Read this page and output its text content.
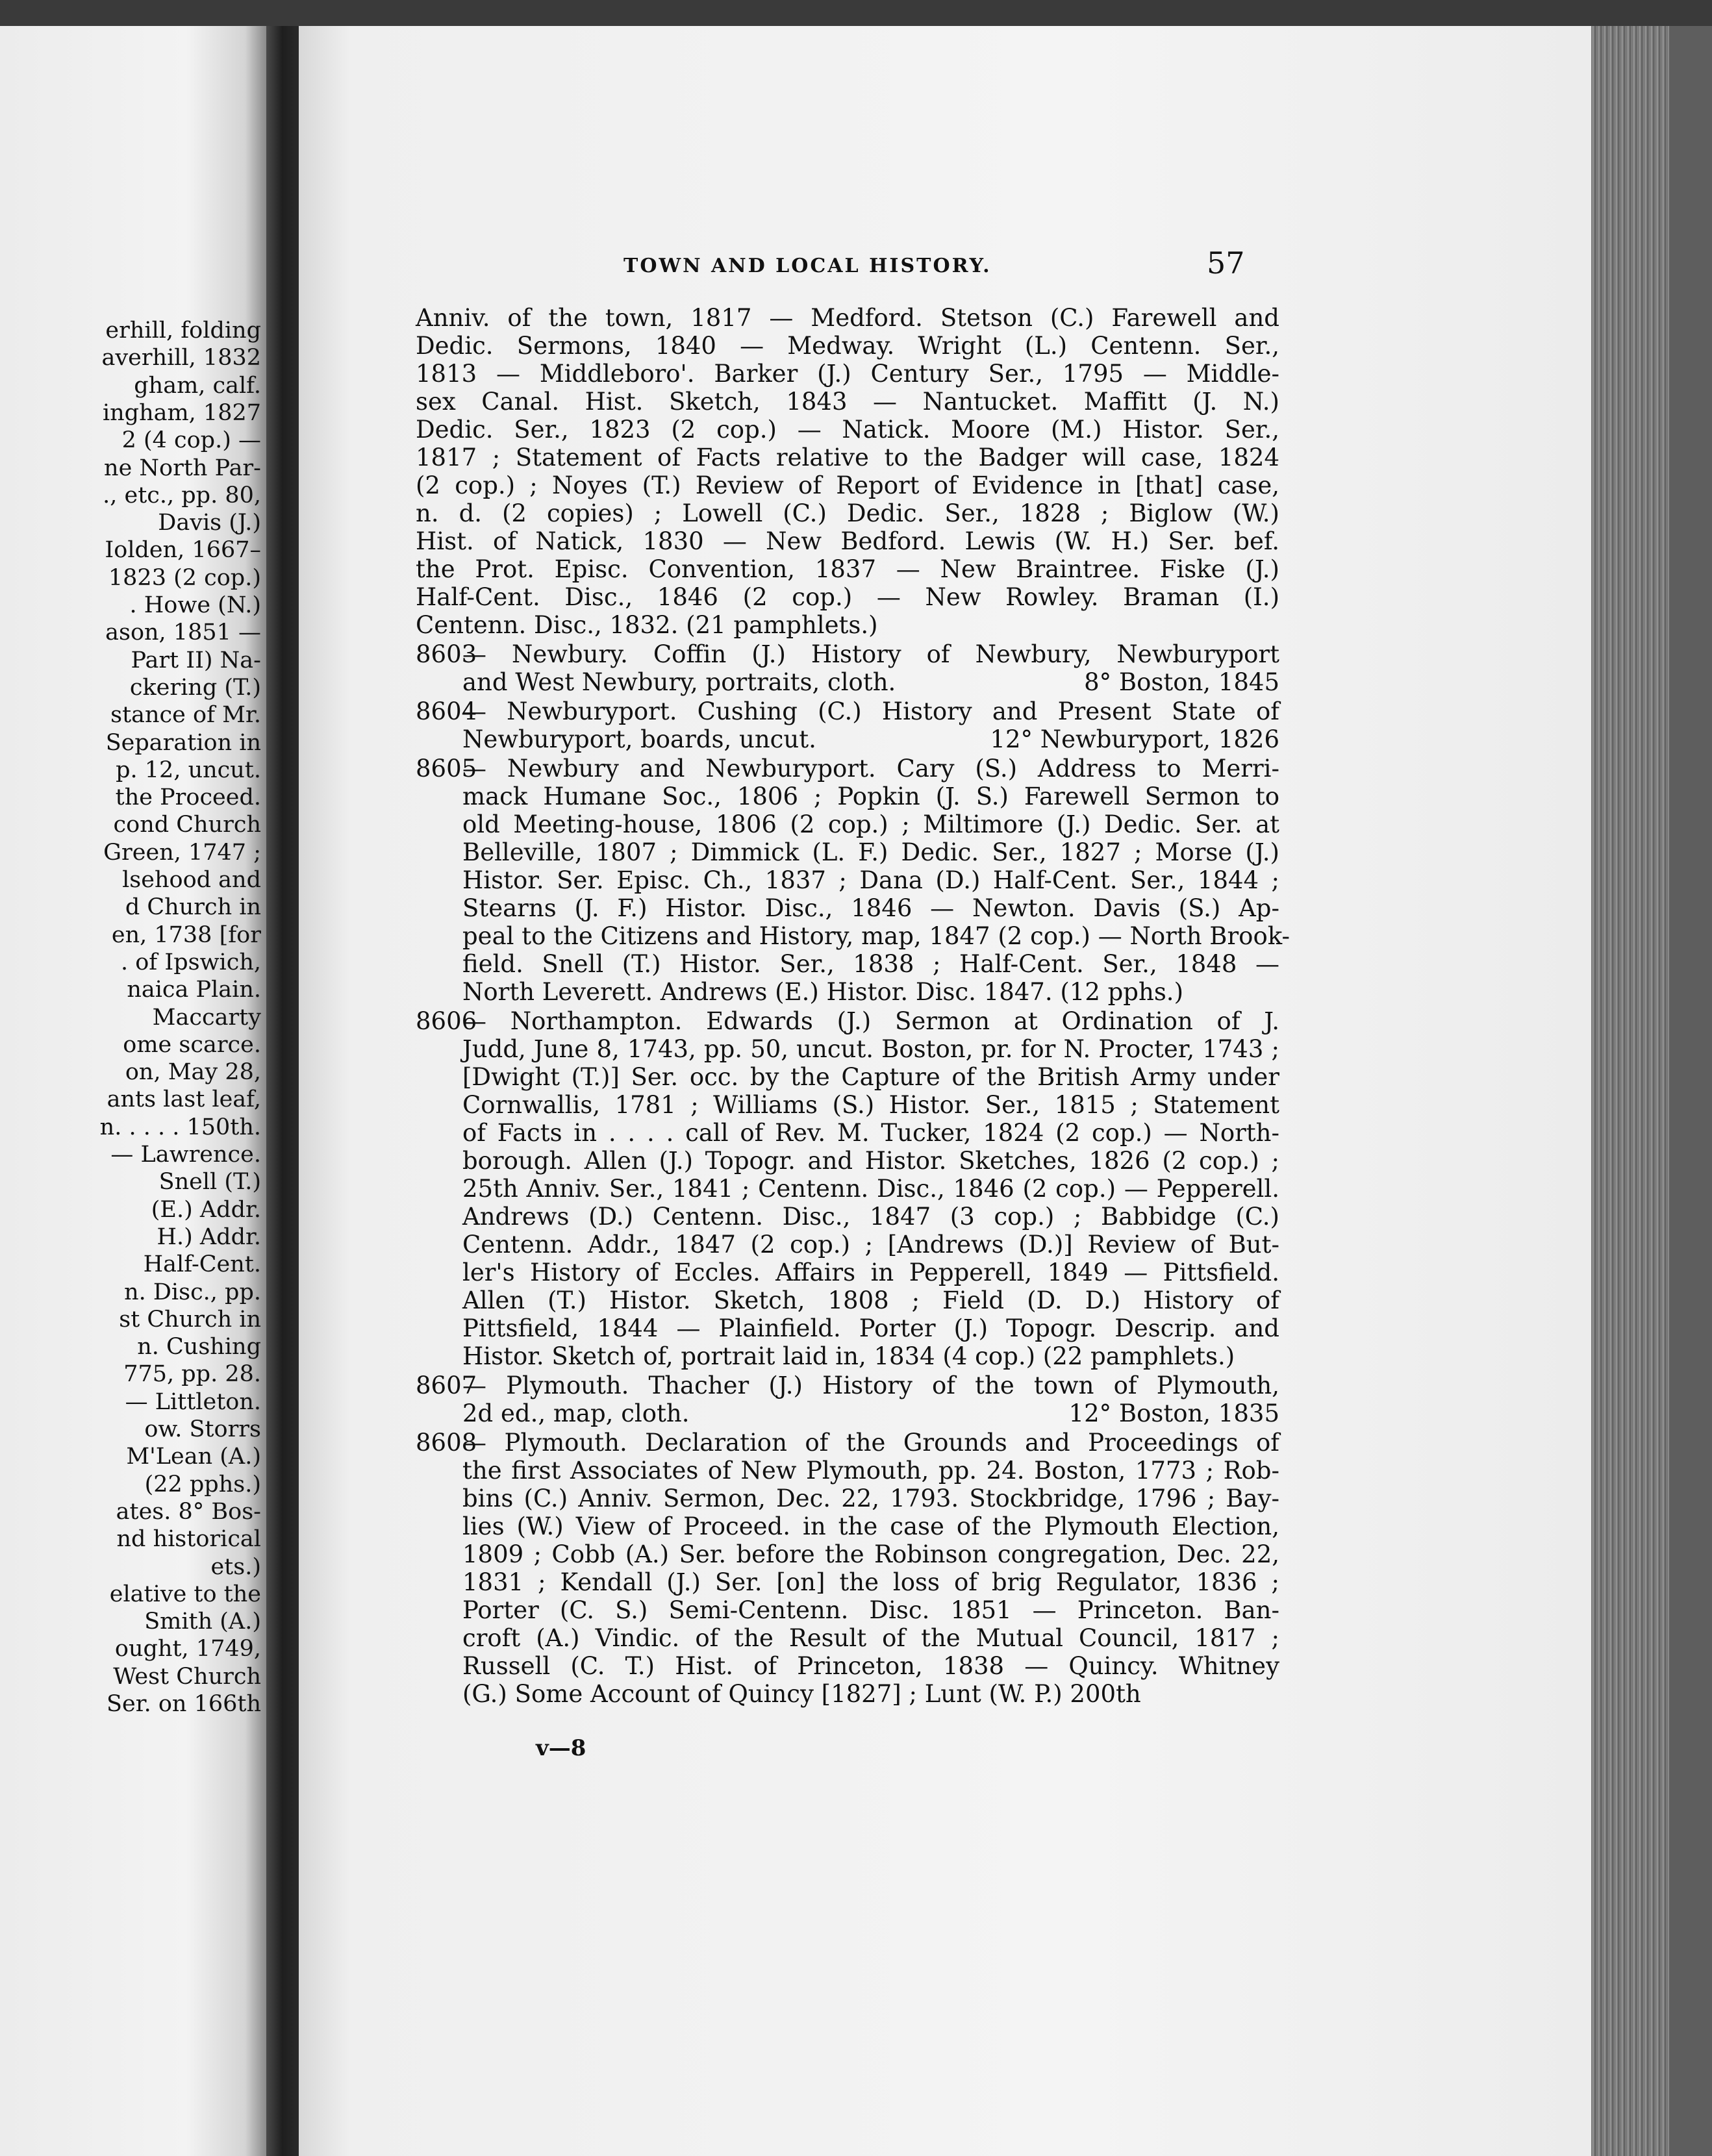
erhill, folding
averhill, 1832
gham, calf.
ingham, 1827
2 (4 cop.) —
ne North Par-
., etc., pp. 80,
Davis (J.)
Iolden, 1667–
1823 (2 cop.)
. Howe (N.)
ason, 1851 —
Part II) Na-
ckering (T.)
stance of Mr.
Separation in
p. 12, uncut.
the Proceed.
cond Church
Green, 1747 ;
lsehood and
d Church in
en, 1738 [for
. of Ipswich,
naica Plain.
Maccarty
ome scarce.
on, May 28,
ants last leaf,
n. . . . . 150th.
— Lawrence.
Snell (T.)
(E.) Addr.
H.) Addr.
Half-Cent.
n. Disc., pp.
st Church in
n. Cushing
775, pp. 28.
— Littleton.
ow. Storrs
M'Lean (A.)
(22 pphs.)
ates. 8° Bos-
nd historical
ets.)
elative to the
Smith (A.)
ought, 1749,
West Church
Ser. on 166th
TOWN AND LOCAL HISTORY.	57
Anniv. of the town, 1817 — Medford. Stetson (C.) Farewell and
Dedic. Sermons, 1840 — Medway. Wright (L.) Centenn. Ser.,
1813 — Middleboro'. Barker (J.) Century Ser., 1795 — Middle-
sex Canal. Hist. Sketch, 1843 — Nantucket. Maffitt (J. N.)
Dedic. Ser., 1823 (2 cop.) — Natick. Moore (M.) Histor. Ser.,
1817 ; Statement of Facts relative to the Badger will case, 1824
(2 cop.) ; Noyes (T.) Review of Report of Evidence in [that] case,
n. d. (2 copies) ; Lowell (C.) Dedic. Ser., 1828 ; Biglow (W.)
Hist. of Natick, 1830 — New Bedford. Lewis (W. H.) Ser. bef.
the Prot. Episc. Convention, 1837 — New Braintree. Fiske (J.)
Half-Cent. Disc., 1846 (2 cop.) — New Rowley. Braman (I.)
Centenn. Disc., 1832. (21 pamphlets.)
8603
— Newbury. Coffin (J.) History of Newbury, Newburyport
and West Newbury, portraits, cloth.	8° Boston, 1845
8604
— Newburyport. Cushing (C.) History and Present State of
Newburyport, boards, uncut.	12° Newburyport, 1826
8605
— Newbury and Newburyport. Cary (S.) Address to Merri-
mack Humane Soc., 1806 ; Popkin (J. S.) Farewell Sermon to
old Meeting-house, 1806 (2 cop.) ; Miltimore (J.) Dedic. Ser. at
Belleville, 1807 ; Dimmick (L. F.) Dedic. Ser., 1827 ; Morse (J.)
Histor. Ser. Episc. Ch., 1837 ; Dana (D.) Half-Cent. Ser., 1844 ;
Stearns (J. F.) Histor. Disc., 1846 — Newton. Davis (S.) Ap-
peal to the Citizens and History, map, 1847 (2 cop.) — North Brook-
field. Snell (T.) Histor. Ser., 1838 ; Half-Cent. Ser., 1848 —
North Leverett. Andrews (E.) Histor. Disc. 1847. (12 pphs.)
8606
— Northampton. Edwards (J.) Sermon at Ordination of J.
Judd, June 8, 1743, pp. 50, uncut. Boston, pr. for N. Procter, 1743 ;
[Dwight (T.)] Ser. occ. by the Capture of the British Army under
Cornwallis, 1781 ; Williams (S.) Histor. Ser., 1815 ; Statement
of Facts in . . . . call of Rev. M. Tucker, 1824 (2 cop.) — North-
borough. Allen (J.) Topogr. and Histor. Sketches, 1826 (2 cop.) ;
25th Anniv. Ser., 1841 ; Centenn. Disc., 1846 (2 cop.) — Pepperell.
Andrews (D.) Centenn. Disc., 1847 (3 cop.) ; Babbidge (C.)
Centenn. Addr., 1847 (2 cop.) ; [Andrews (D.)] Review of But-
ler's History of Eccles. Affairs in Pepperell, 1849 — Pittsfield.
Allen (T.) Histor. Sketch, 1808 ; Field (D. D.) History of
Pittsfield, 1844 — Plainfield. Porter (J.) Topogr. Descrip. and
Histor. Sketch of, portrait laid in, 1834 (4 cop.) (22 pamphlets.)
8607
— Plymouth. Thacher (J.) History of the town of Plymouth,
2d ed., map, cloth.	12° Boston, 1835
8608
— Plymouth. Declaration of the Grounds and Proceedings of
the first Associates of New Plymouth, pp. 24. Boston, 1773 ; Rob-
bins (C.) Anniv. Sermon, Dec. 22, 1793. Stockbridge, 1796 ; Bay-
lies (W.) View of Proceed. in the case of the Plymouth Election,
1809 ; Cobb (A.) Ser. before the Robinson congregation, Dec. 22,
1831 ; Kendall (J.) Ser. [on] the loss of brig Regulator, 1836 ;
Porter (C. S.) Semi-Centenn. Disc. 1851 — Princeton. Ban-
croft (A.) Vindic. of the Result of the Mutual Council, 1817 ;
Russell (C. T.) Hist. of Princeton, 1838 — Quincy. Whitney
(G.) Some Account of Quincy [1827] ; Lunt (W. P.) 200th
v—8
